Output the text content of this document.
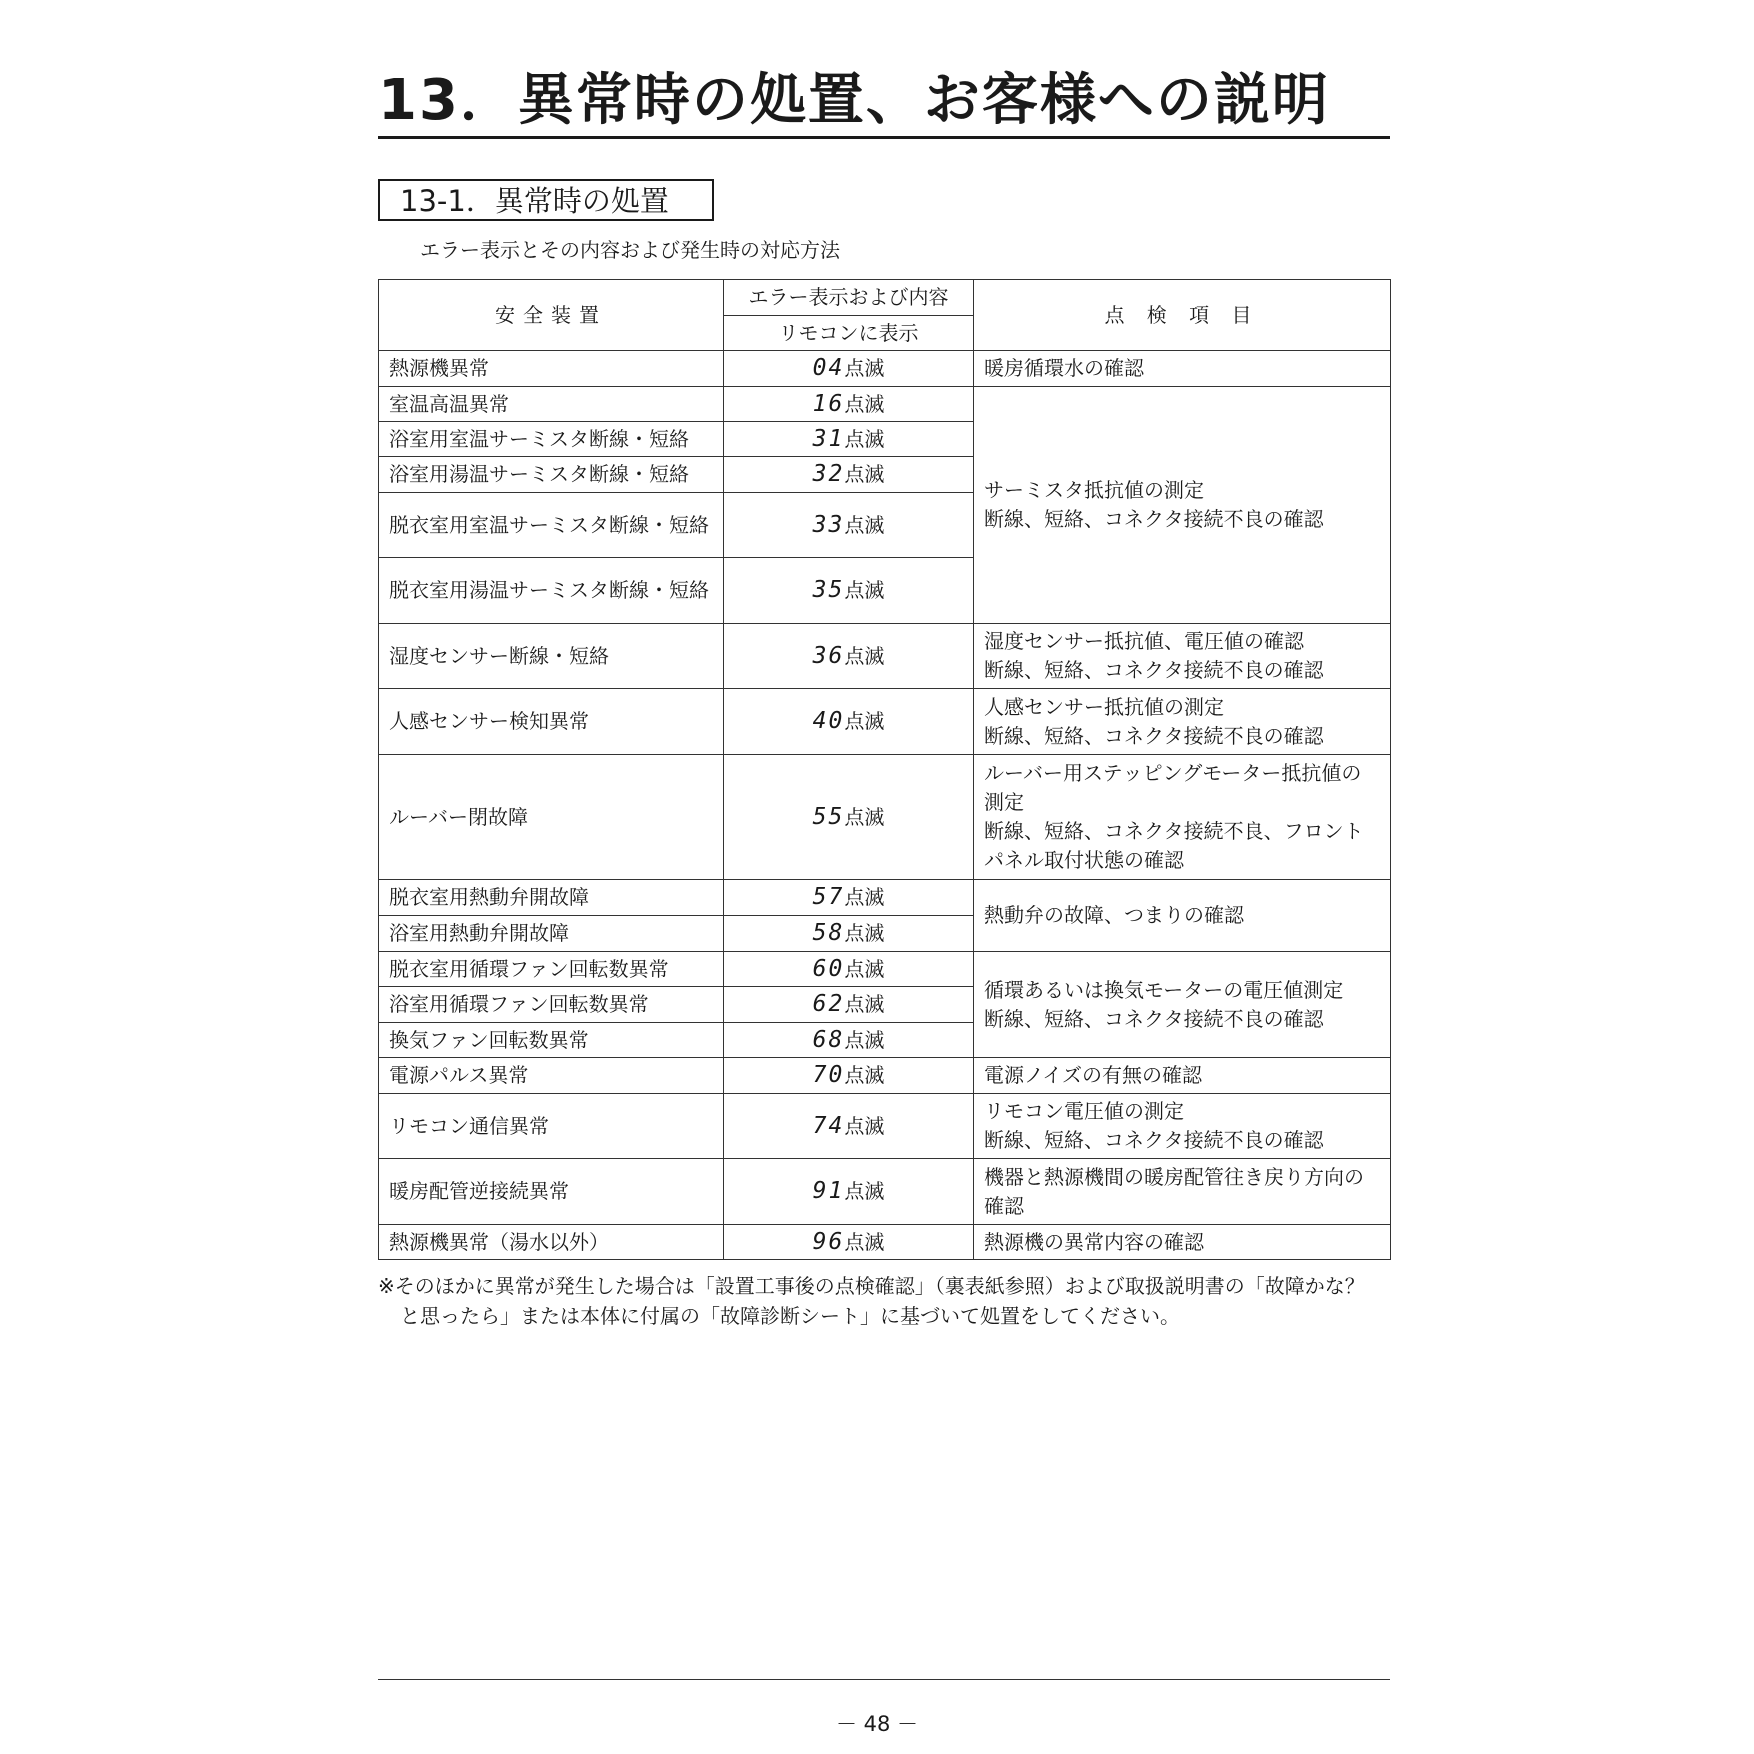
13．異常時の処置、お客様への説明
13-1．異常時の処置
エラー表示とその内容および発生時の対応方法
安全装置	エラー表示および内容	点 検 項 目
	リモコンに表示	
熱源機異常	04点滅	暖房循環水の確認
室温高温異常	16点滅	サーミスタ抵抗値の測定
断線、短絡、コネクタ接続不良の確認
浴室用室温サーミスタ断線・短絡	31点滅	
浴室用湯温サーミスタ断線・短絡	32点滅	
脱衣室用室温サーミスタ断線・短絡	33点滅	
脱衣室用湯温サーミスタ断線・短絡	35点滅	
湿度センサー断線・短絡	36点滅	湿度センサー抵抗値、電圧値の確認
断線、短絡、コネクタ接続不良の確認
人感センサー検知異常	40点滅	人感センサー抵抗値の測定
断線、短絡、コネクタ接続不良の確認
ルーバー閉故障	55点滅	ルーバー用ステッピングモーター抵抗値の測定
断線、短絡、コネクタ接続不良、フロントパネル取付状態の確認
脱衣室用熱動弁開故障	57点滅	熱動弁の故障、つまりの確認
浴室用熱動弁開故障	58点滅	
脱衣室用循環ファン回転数異常	60点滅	循環あるいは換気モーターの電圧値測定
断線、短絡、コネクタ接続不良の確認
浴室用循環ファン回転数異常	62点滅	
換気ファン回転数異常	68点滅	
電源パルス異常	70点滅	電源ノイズの有無の確認
リモコン通信異常	74点滅	リモコン電圧値の測定
断線、短絡、コネクタ接続不良の確認
暖房配管逆接続異常	91点滅	機器と熱源機間の暖房配管往き戻り方向の確認
熱源機異常（湯水以外）	96点滅	熱源機の異常内容の確認
※そのほかに異常が発生した場合は「設置工事後の点検確認」（裏表紙参照）および取扱説明書の「故障かな？
と思ったら」または本体に付属の「故障診断シート」に基づいて処置をしてください。
－ 48 －
